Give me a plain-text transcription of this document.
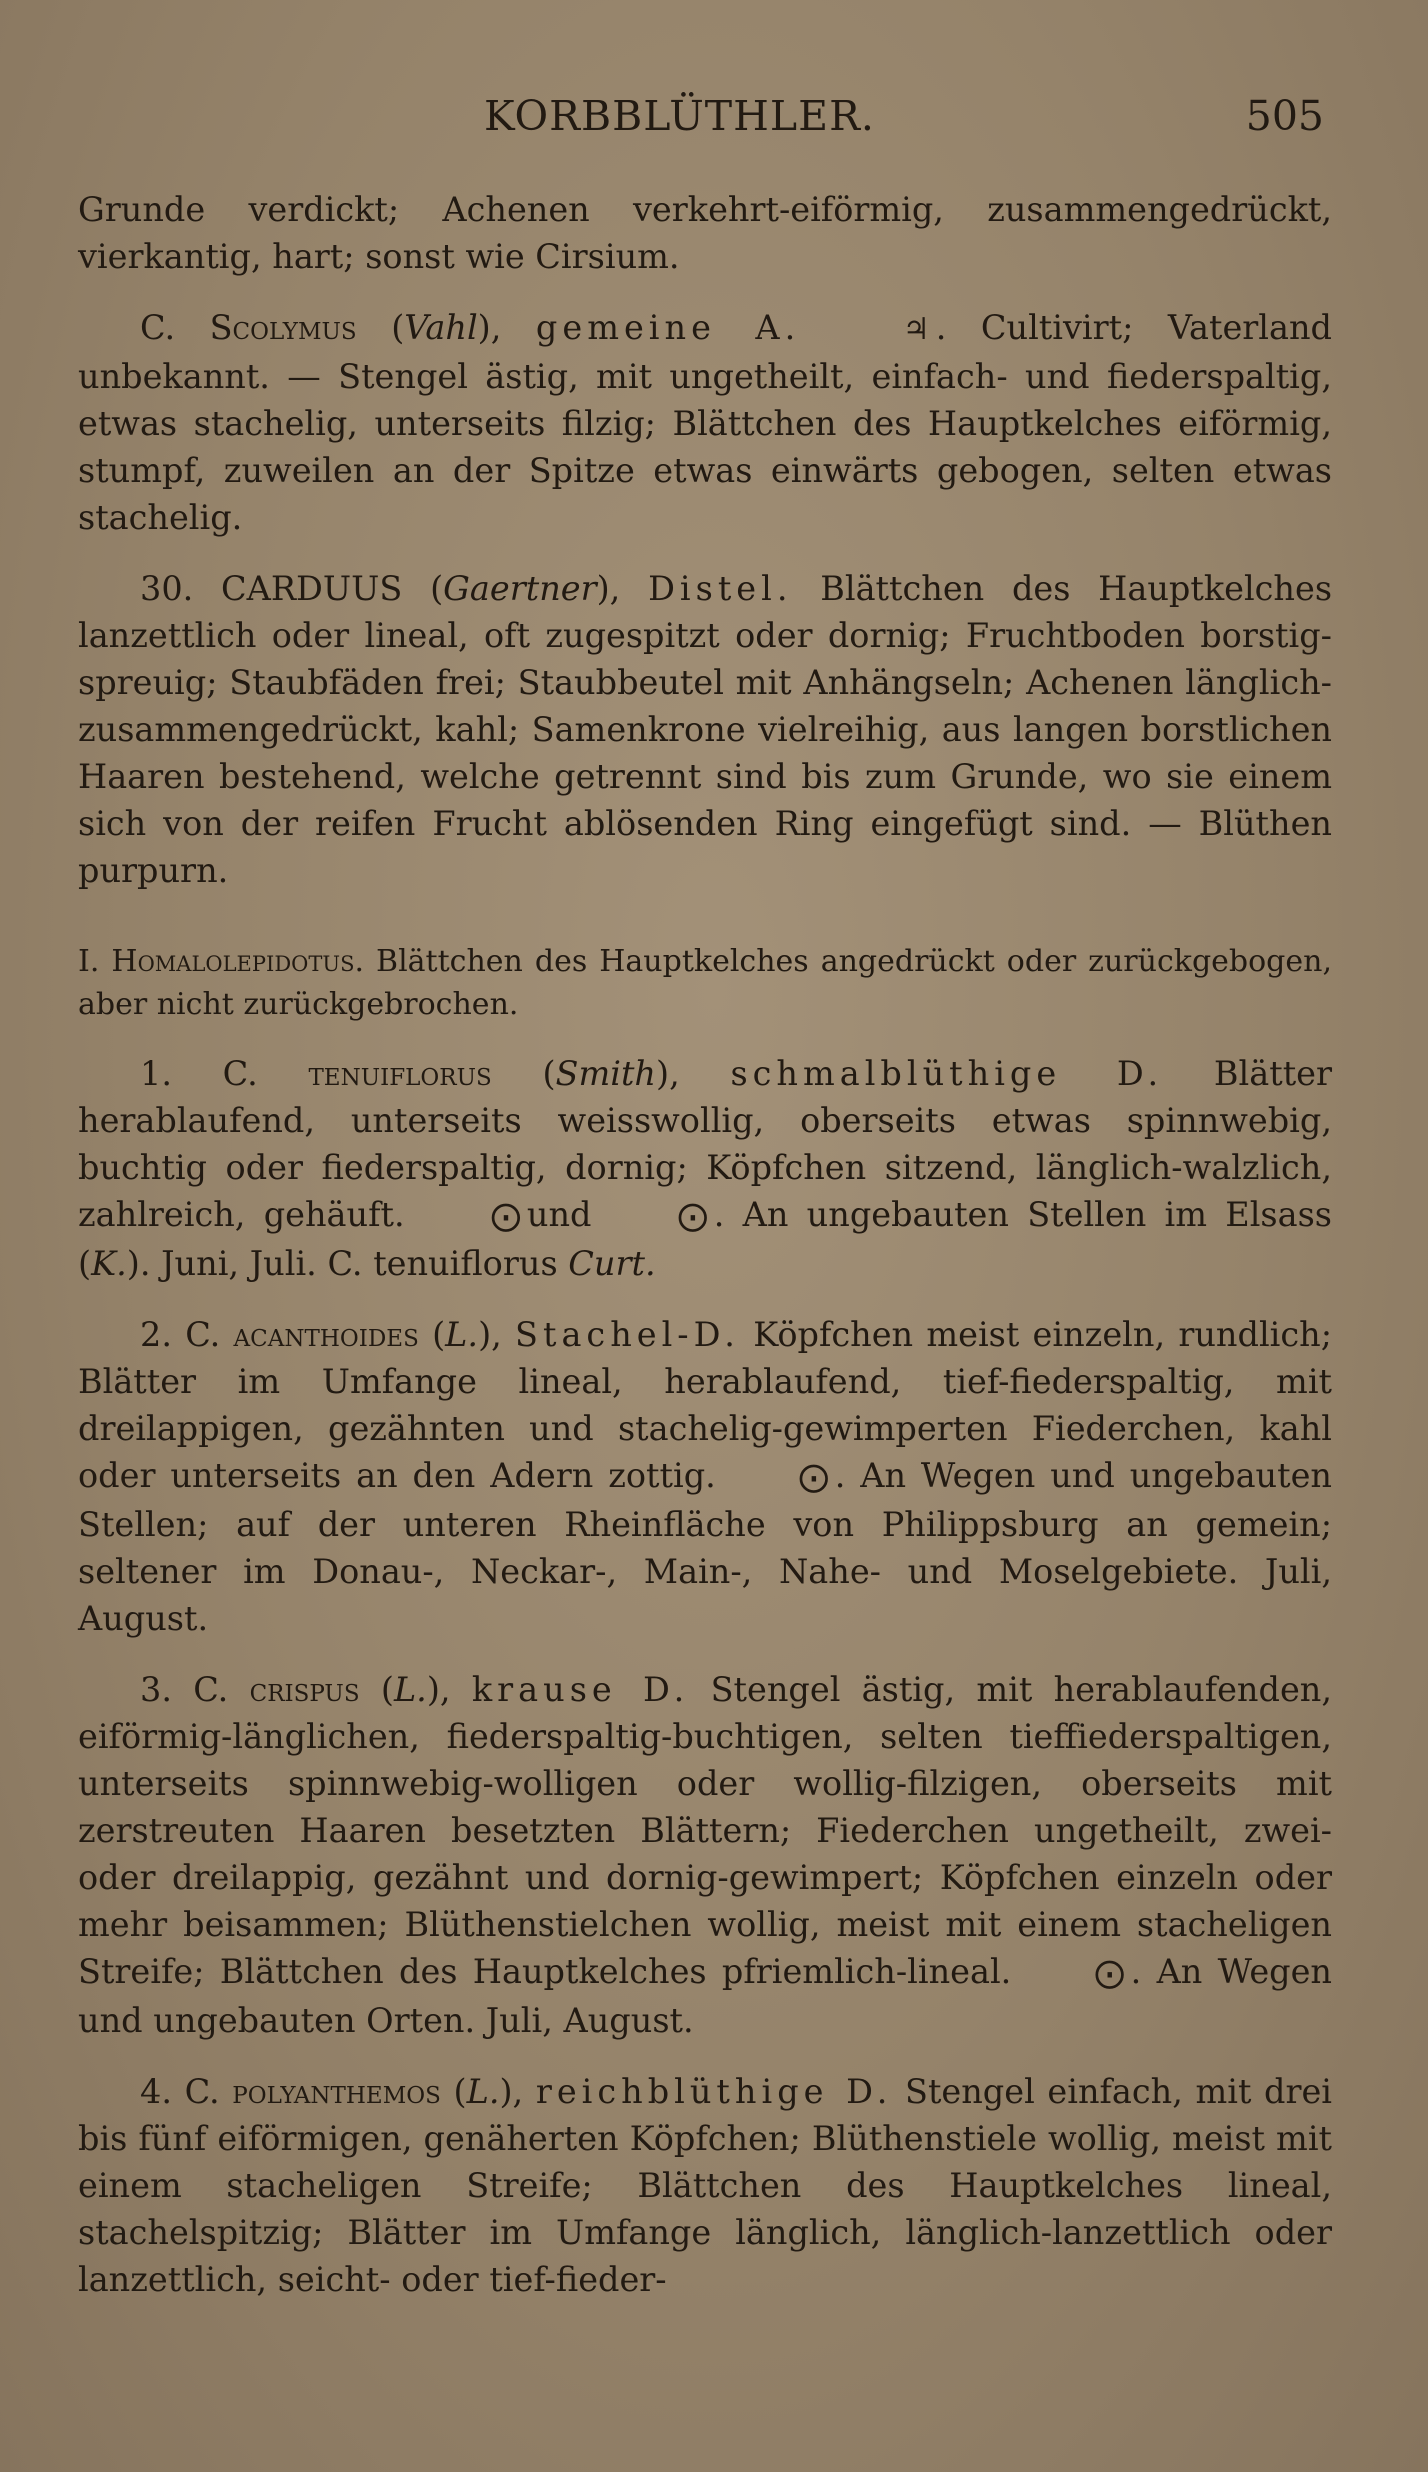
KORBBLÜTHLER.	505

Grunde verdickt; Achenen verkehrt-eiförmig, zusammengedrückt, vierkantig, hart; sonst wie Cirsium.

C. Scolymus (Vahl), gemeine A.	♃ . Cultivirt; Vaterland unbekannt. — Stengel ästig, mit ungetheilt, einfach- und fiederspaltig, etwas stachelig, unterseits filzig; Blättchen des Hauptkelches eiförmig, stumpf, zuweilen an der Spitze etwas einwärts gebogen, selten etwas stachelig.

30. CARDUUS (Gaertner), Distel. Blättchen des Hauptkelches lanzettlich oder lineal, oft zugespitzt oder dornig; Fruchtboden borstig-spreuig; Staubfäden frei; Staubbeutel mit Anhängseln; Achenen länglich-zusammengedrückt, kahl; Samenkrone vielreihig, aus langen borstlichen Haaren bestehend, welche getrennt sind bis zum Grunde, wo sie einem sich von der reifen Frucht ablösenden Ring eingefügt sind. — Blüthen purpurn.

I. Homalolepidotus. Blättchen des Hauptkelches angedrückt oder zurückgebogen, aber nicht zurückgebrochen.

1. C. tenuiflorus (Smith), schmalblüthige D. Blätter herablaufend, unterseits weisswollig, oberseits etwas spinnwebig, buchtig oder fiederspaltig, dornig; Köpfchen sitzend, länglich-walzlich, zahlreich, gehäuft.	⨀ und	⨀ . An ungebauten Stellen im Elsass (K.). Juni, Juli. C. tenuiflorus Curt.

2. C. acanthoides (L.), Stachel-D. Köpfchen meist einzeln, rundlich; Blätter im Umfange lineal, herablaufend, tief-fiederspaltig, mit dreilappigen, gezähnten und stachelig-gewimperten Fiederchen, kahl oder unterseits an den Adern zottig.	⨀ . An Wegen und ungebauten Stellen; auf der unteren Rheinfläche von Philippsburg an gemein; seltener im Donau-, Neckar-, Main-, Nahe- und Moselgebiete. Juli, August.

3. C. crispus (L.), krause D. Stengel ästig, mit herablaufenden, eiförmig-länglichen, fiederspaltig-buchtigen, selten tieffiederspaltigen, unterseits spinnwebig-wolligen oder wollig-filzigen, oberseits mit zerstreuten Haaren besetzten Blättern; Fiederchen ungetheilt, zwei- oder dreilappig, gezähnt und dornig-gewimpert; Köpfchen einzeln oder mehr beisammen; Blüthenstielchen wollig, meist mit einem stacheligen Streife; Blättchen des Hauptkelches pfriemlich-lineal.	⨀ . An Wegen und ungebauten Orten. Juli, August.

4. C. polyanthemos (L.), reichblüthige D. Stengel einfach, mit drei bis fünf eiförmigen, genäherten Köpfchen; Blüthenstiele wollig, meist mit einem stacheligen Streife; Blättchen des Hauptkelches lineal, stachelspitzig; Blätter im Umfange länglich, länglich-lanzettlich oder lanzettlich, seicht- oder tief-fieder-
